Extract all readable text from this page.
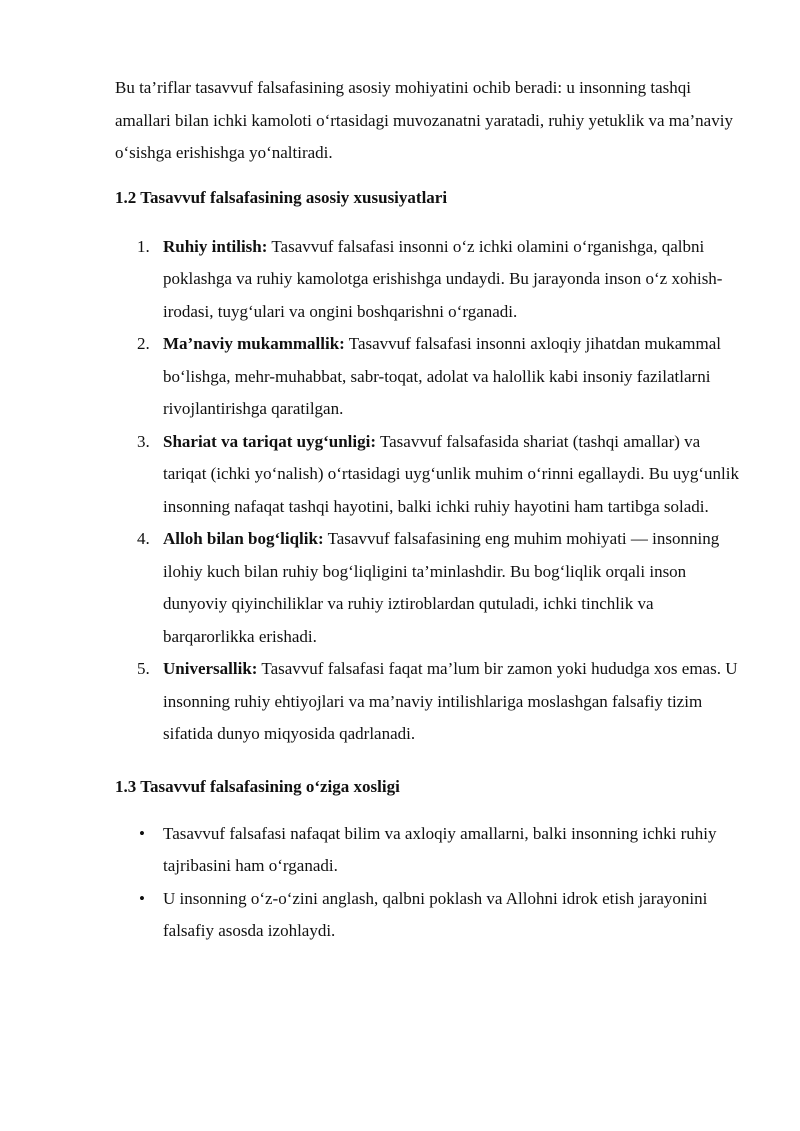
Bu ta’riflar tasavvuf falsafasining asosiy mohiyatini ochib beradi: u insonning tashqi amallari bilan ichki kamoloti o‘rtasidagi muvozanatni yaratadi, ruhiy yetuklik va ma’naviy o‘sishga erishishga yo‘naltiradi.

1.2 Tasavvuf falsafasining asosiy xususiyatlari
1. Ruhiy intilish: Tasavvuf falsafasi insonni o‘z ichki olamini o‘rganishga, qalbni poklashga va ruhiy kamolotga erishishga undaydi. Bu jarayonda inson o‘z xohish-irodasi, tuyg‘ulari va ongini boshqarishni o‘rganadi.
2. Ma’naviy mukammallik: Tasavvuf falsafasi insonni axloqiy jihatdan mukammal bo‘lishga, mehr-muhabbat, sabr-toqat, adolat va halollik kabi insoniy fazilatlarni rivojlantirishga qaratilgan.
3. Shariat va tariqat uyg‘unligi: Tasavvuf falsafasida shariat (tashqi amallar) va tariqat (ichki yo‘nalish) o‘rtasidagi uyg‘unlik muhim o‘rinni egallaydi. Bu uyg‘unlik insonning nafaqat tashqi hayotini, balki ichki ruhiy hayotini ham tartibga soladi.
4. Alloh bilan bog‘liqlik: Tasavvuf falsafasining eng muhim mohiyati — insonning ilohiy kuch bilan ruhiy bog‘liqligini ta’minlashdir. Bu bog‘liqlik orqali inson dunyoviy qiyinchiliklar va ruhiy iztiroblardan qutuladi, ichki tinchlik va barqarorlikka erishadi.
5. Universallik: Tasavvuf falsafasi faqat ma’lum bir zamon yoki hududga xos emas. U insonning ruhiy ehtiyojlari va ma’naviy intilishlariga moslashgan falsafiy tizim sifatida dunyo miqyosida qadrlanadi.
1.3 Tasavvuf falsafasining o‘ziga xosligi
• Tasavvuf falsafasi nafaqat bilim va axloqiy amallarni, balki insonning ichki ruhiy tajribasini ham o‘rganadi.
• U insonning o‘z-o‘zini anglash, qalbni poklash va Allohni idrok etish jarayonini falsafiy asosda izohlaydi.
